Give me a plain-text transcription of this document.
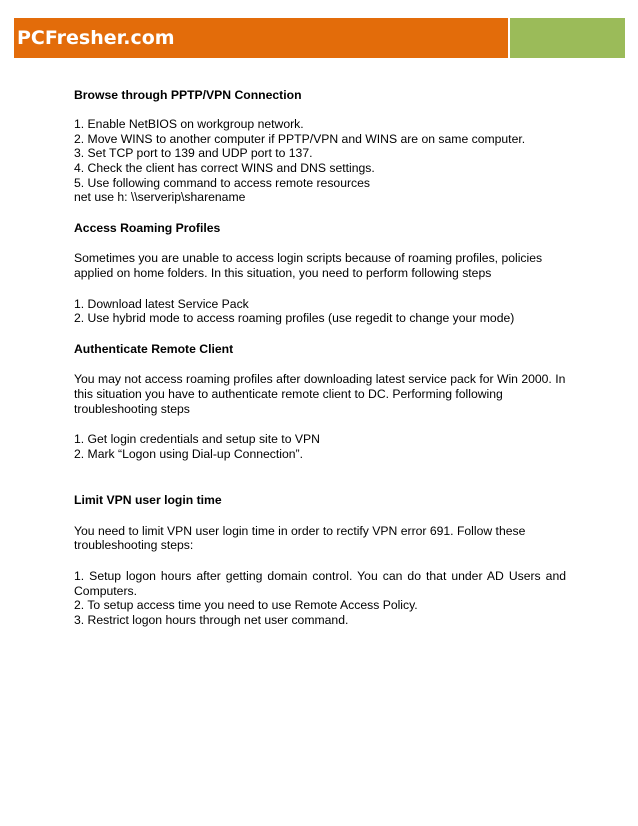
PCFresher.com

Browse through PPTP/VPN Connection

1. Enable NetBIOS on workgroup network.

2. Move WINS to another computer if PPTP/VPN and WINS are on same computer.

3. Set TCP port to 139 and UDP port to 137.

4. Check the client has correct WINS and DNS settings.

5. Use following command to access remote resources

net use h: \\serverip\sharename

Access Roaming Profiles

Sometimes you are unable to access login scripts because of roaming profiles, policies applied on home folders. In this situation, you need to perform following steps

1. Download latest Service Pack

2. Use hybrid mode to access roaming profiles (use regedit to change your mode)

Authenticate Remote Client

You may not access roaming profiles after downloading latest service pack for Win 2000. In this situation you have to authenticate remote client to DC. Performing following troubleshooting steps

1. Get login credentials and setup site to VPN

2. Mark “Logon using Dial-up Connection”.

Limit VPN user login time

You need to limit VPN user login time in order to rectify VPN error 691. Follow these troubleshooting steps:

1. Setup logon hours after getting domain control. You can do that under AD Users and Computers.

2. To setup access time you need to use Remote Access Policy.

3. Restrict logon hours through net user command.
